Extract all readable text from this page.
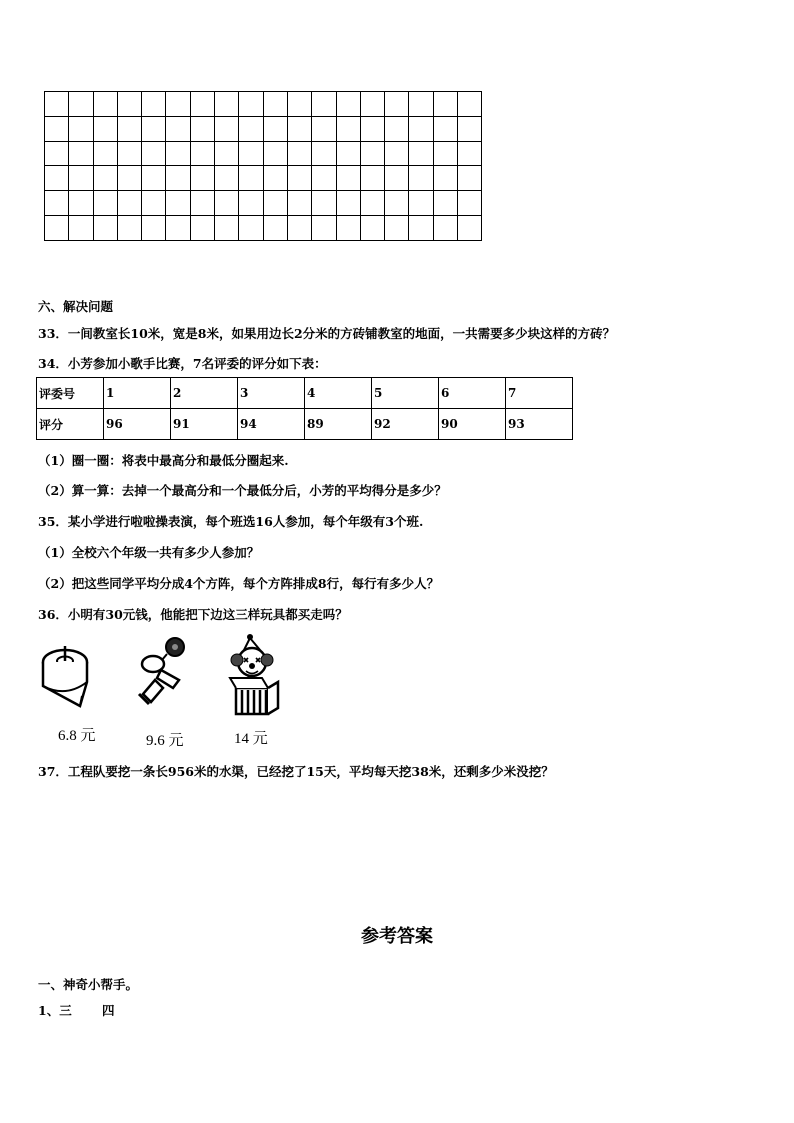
六、解决问题
33．一间教室长10米，宽是8米，如果用边长2分米的方砖铺教室的地面，一共需要多少块这样的方砖？
34．小芳参加小歌手比赛，7名评委的评分如下表：
评委号	1	2	3	4	5	6	7
评分	96	91	94	89	92	90	93
（1）圈一圈：将表中最高分和最低分圈起来.
（2）算一算：去掉一个最高分和一个最低分后，小芳的平均得分是多少？
35．某小学进行啦啦操表演，每个班选16人参加，每个年级有3个班.
（1）全校六个年级一共有多少人参加？
（2）把这些同学平均分成4个方阵，每个方阵排成8行，每行有多少人？
36．小明有30元钱，他能把下边这三样玩具都买走吗？
6.8 元	9.6 元	14 元
37．工程队要挖一条长956米的水渠，已经挖了15天，平均每天挖38米，还剩多少米没挖？
参考答案
一、神奇小帮手。
1、三 四
